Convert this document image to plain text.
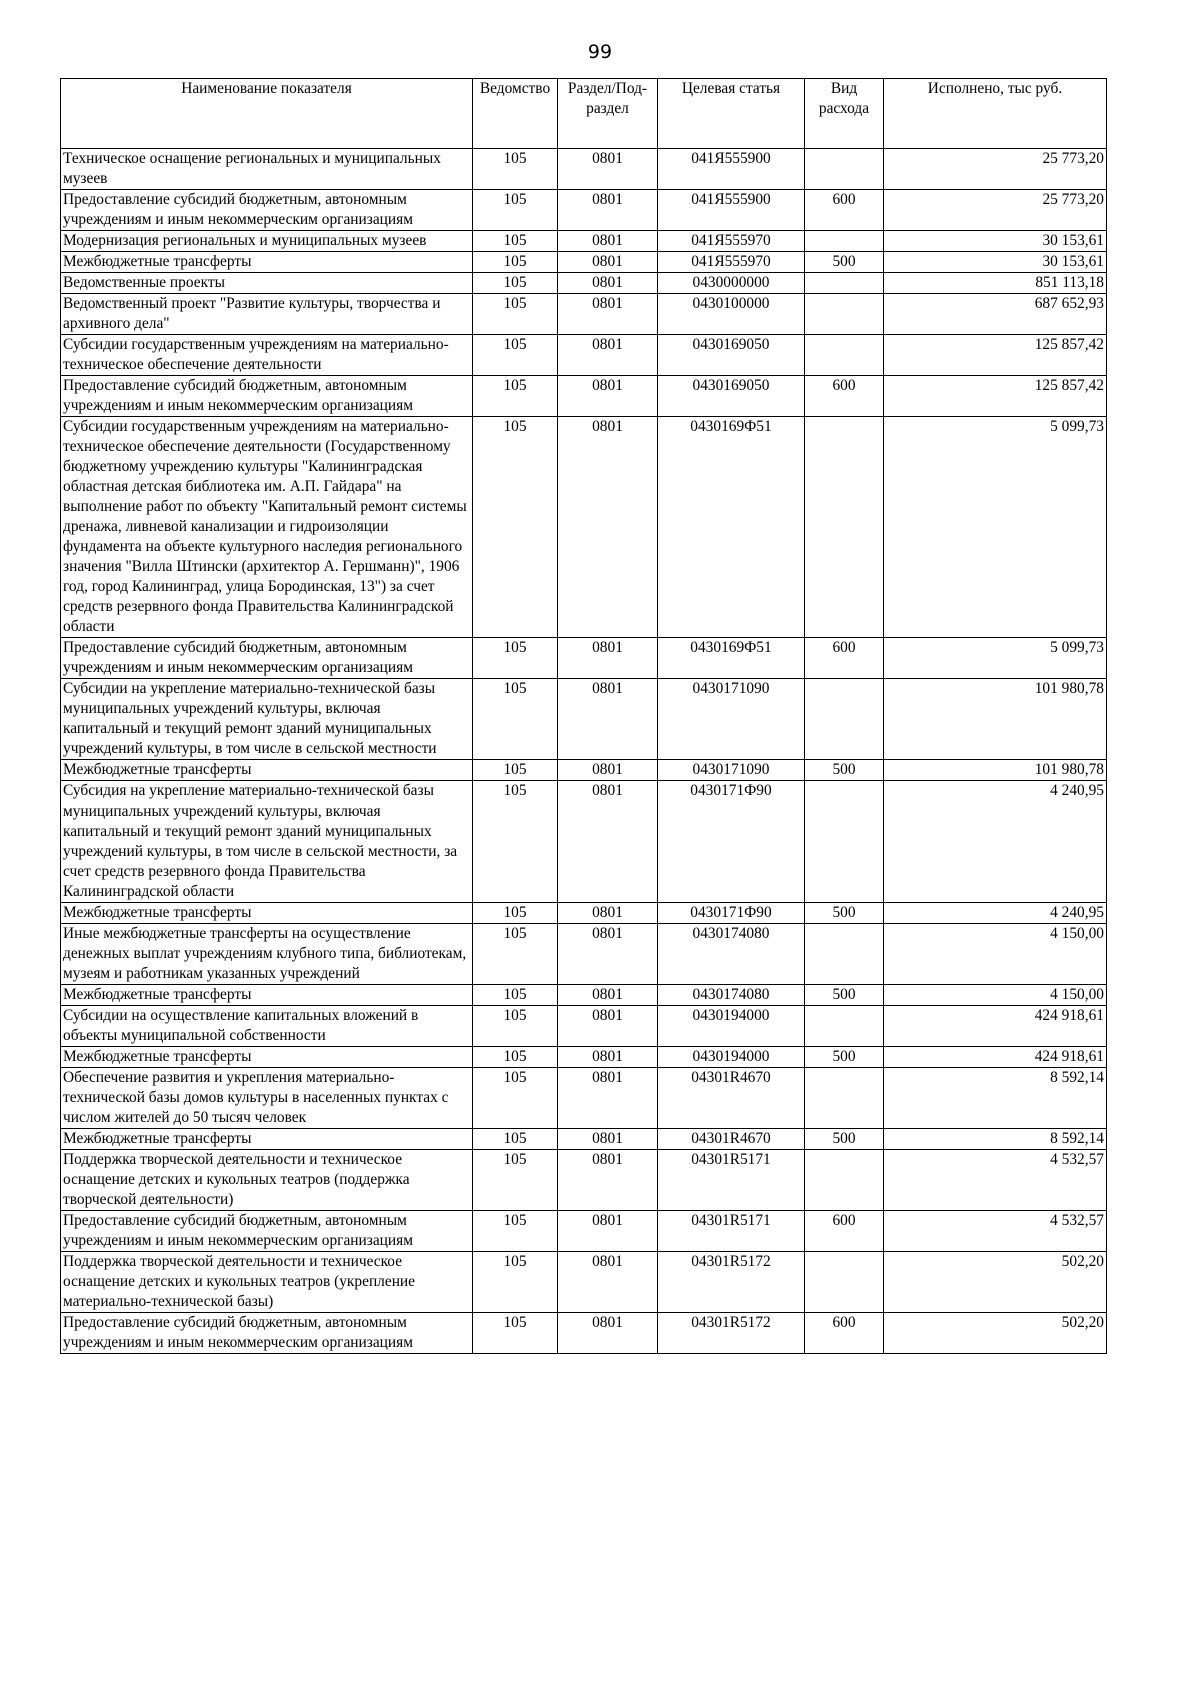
99
Наименование показателя	Ведомство	Раздел/Под-раздел	Целевая статья	Вид расхода	Исполнено, тыс руб.
Техническое оснащение региональных и муниципальных музеев	105	0801	041Я555900		25 773,20
Предоставление субсидий бюджетным, автономным учреждениям и иным некоммерческим организациям	105	0801	041Я555900	600	25 773,20
Модернизация региональных и муниципальных музеев	105	0801	041Я555970		30 153,61
Межбюджетные трансферты	105	0801	041Я555970	500	30 153,61
Ведомственные проекты	105	0801	0430000000		851 113,18
Ведомственный проект "Развитие культуры, творчества и архивного дела"	105	0801	0430100000		687 652,93
Субсидии государственным учреждениям на материально-техническое обеспечение деятельности	105	0801	0430169050		125 857,42
Предоставление субсидий бюджетным, автономным учреждениям и иным некоммерческим организациям	105	0801	0430169050	600	125 857,42
Субсидии государственным учреждениям на материально-техническое обеспечение деятельности (Государственному бюджетному учреждению культуры "Калининградская областная детская библиотека им. А.П. Гайдара" на выполнение работ по объекту "Капитальный ремонт системы дренажа, ливневой канализации и гидроизоляции фундамента на объекте культурного наследия регионального значения "Вилла Штински (архитектор А. Гершманн)", 1906 год, город Калининград, улица Бородинская, 13") за счет средств резервного фонда Правительства Калининградской области	105	0801	0430169Ф51		5 099,73
Предоставление субсидий бюджетным, автономным учреждениям и иным некоммерческим организациям	105	0801	0430169Ф51	600	5 099,73
Субсидии на укрепление материально-технической базы муниципальных учреждений культуры, включая капитальный и текущий ремонт зданий муниципальных учреждений культуры, в том числе в сельской местности	105	0801	0430171090		101 980,78
Межбюджетные трансферты	105	0801	0430171090	500	101 980,78
Субсидия на укрепление материально-технической базы муниципальных учреждений культуры, включая капитальный и текущий ремонт зданий муниципальных учреждений культуры, в том числе в сельской местности, за счет средств резервного фонда Правительства Калининградской области	105	0801	0430171Ф90		4 240,95
Межбюджетные трансферты	105	0801	0430171Ф90	500	4 240,95
Иные межбюджетные трансферты на осуществление денежных выплат учреждениям клубного типа, библиотекам, музеям и работникам указанных учреждений	105	0801	0430174080		4 150,00
Межбюджетные трансферты	105	0801	0430174080	500	4 150,00
Субсидии на осуществление капитальных вложений в объекты муниципальной собственности	105	0801	0430194000		424 918,61
Межбюджетные трансферты	105	0801	0430194000	500	424 918,61
Обеспечение развития и укрепления материально-технической базы домов культуры в населенных пунктах с числом жителей до 50 тысяч человек	105	0801	04301R4670		8 592,14
Межбюджетные трансферты	105	0801	04301R4670	500	8 592,14
Поддержка творческой деятельности и техническое оснащение детских и кукольных театров (поддержка творческой деятельности)	105	0801	04301R5171		4 532,57
Предоставление субсидий бюджетным, автономным учреждениям и иным некоммерческим организациям	105	0801	04301R5171	600	4 532,57
Поддержка творческой деятельности и техническое оснащение детских и кукольных театров (укрепление материально-технической базы)	105	0801	04301R5172		502,20
Предоставление субсидий бюджетным, автономным учреждениям и иным некоммерческим организациям	105	0801	04301R5172	600	502,20
